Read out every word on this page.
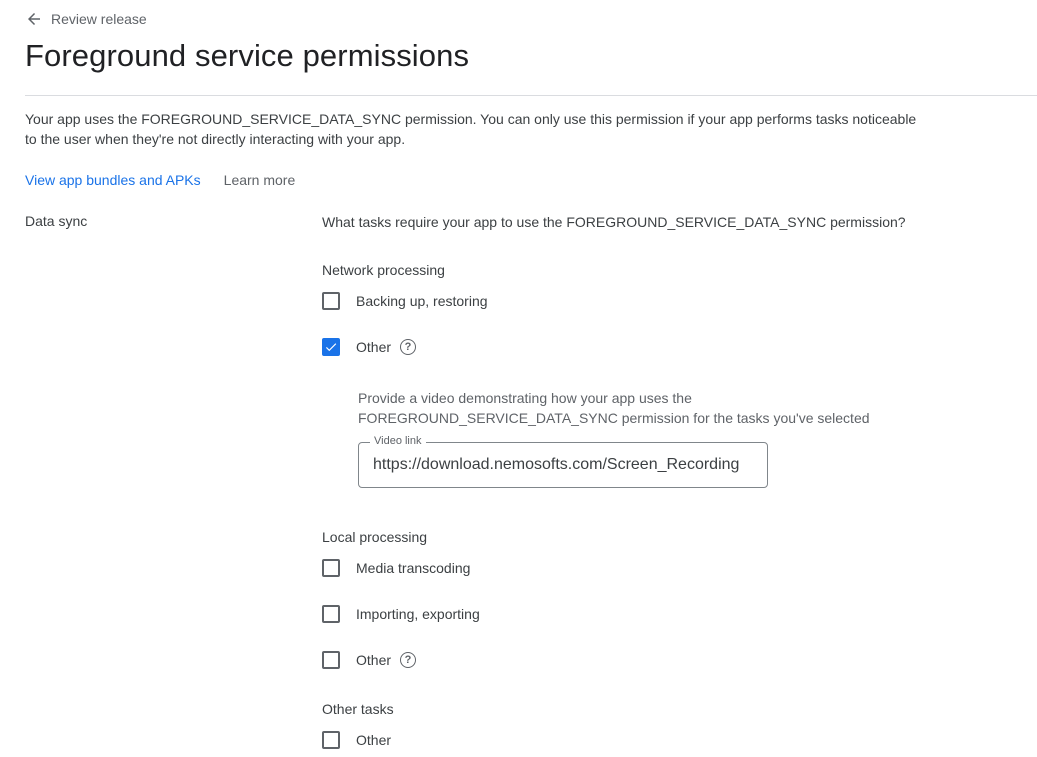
Review release
Foreground service permissions

Your app uses the FOREGROUND_SERVICE_DATA_SYNC permission. You can only use this permission if your app performs tasks noticeable to the user when they're not directly interacting with your app.

View app bundles and APKs Learn more
Data sync	What tasks require your app to use the FOREGROUND_SERVICE_DATA_SYNC permission?
Network processing
Backing up, restoring
Other	?

Provide a video demonstrating how your app uses the FOREGROUND_SERVICE_DATA_SYNC permission for the tasks you've selected

Video link
https://download.nemosofts.com/Screen_Recording
Local processing
Media transcoding
Importing, exporting
Other	?
Other tasks
Other
